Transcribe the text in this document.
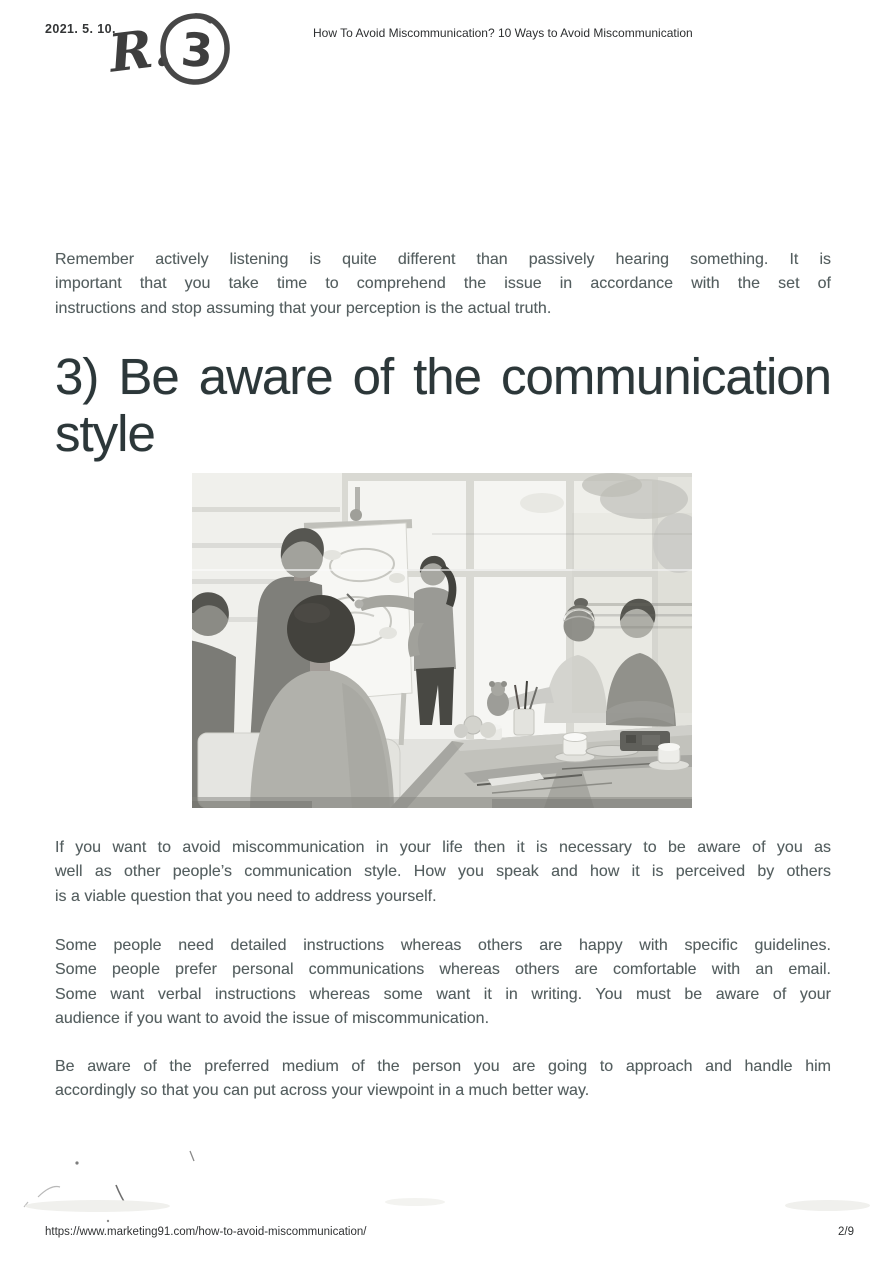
2021. 5. 10.	How To Avoid Miscommunication? 10 Ways to Avoid Miscommunication
R. 3
Remember actively listening is quite different than passively hearing something. It is
important that you take time to comprehend the issue in accordance with the set of
instructions and stop assuming that your perception is the actual truth.
3) Be aware of the communication
style
If you want to avoid miscommunication in your life then it is necessary to be aware of you as
well as other people’s communication style. How you speak and how it is perceived by others
is a viable question that you need to address yourself.
Some people need detailed instructions whereas others are happy with specific guidelines.
Some people prefer personal communications whereas others are comfortable with an email.
Some want verbal instructions whereas some want it in writing. You must be aware of your
audience if you want to avoid the issue of miscommunication.
Be aware of the preferred medium of the person you are going to approach and handle him
accordingly so that you can put across your viewpoint in a much better way.
https://www.marketing91.com/how-to-avoid-miscommunication/	2/9
